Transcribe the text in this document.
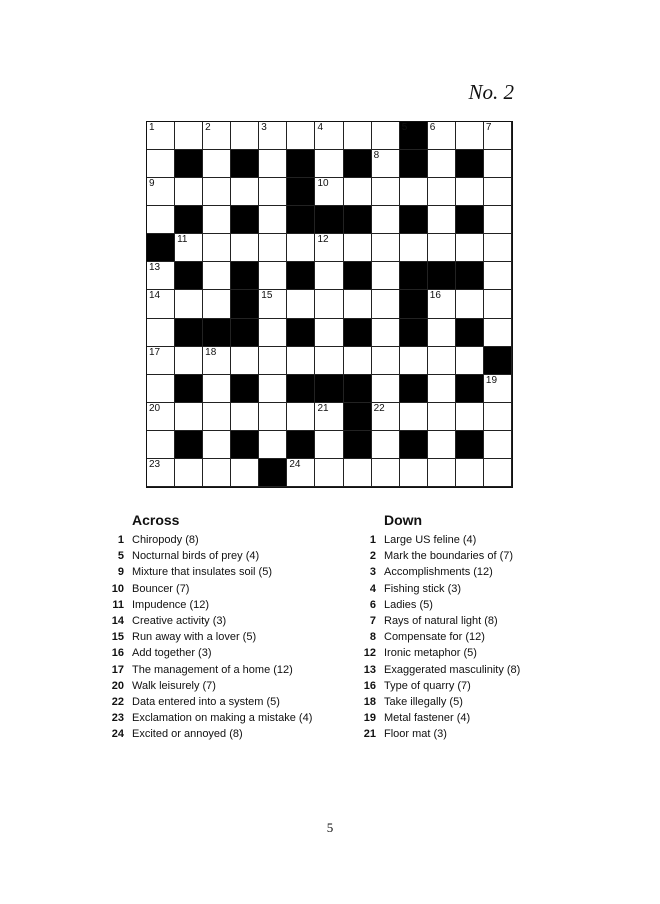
No. 2
1	2	3	4	5 6	7
8
9	10
11	12
13
14	15	16
17	18
19
20	21	22
23	24
Across
1 Chiropody (8)
5 Nocturnal birds of prey (4)
9 Mixture that insulates soil (5)
10 Bouncer (7)
11 Impudence (12)
14 Creative activity (3)
15 Run away with a lover (5)
16 Add together (3)
17 The management of a home (12)
20 Walk leisurely (7)
22 Data entered into a system (5)
23 Exclamation on making a mistake (4)
24 Excited or annoyed (8)
Down
1 Large US feline (4)
2 Mark the boundaries of (7)
3 Accomplishments (12)
4 Fishing stick (3)
6 Ladies (5)
7 Rays of natural light (8)
8 Compensate for (12)
12 Ironic metaphor (5)
13 Exaggerated masculinity (8)
16 Type of quarry (7)
18 Take illegally (5)
19 Metal fastener (4)
21 Floor mat (3)
5
